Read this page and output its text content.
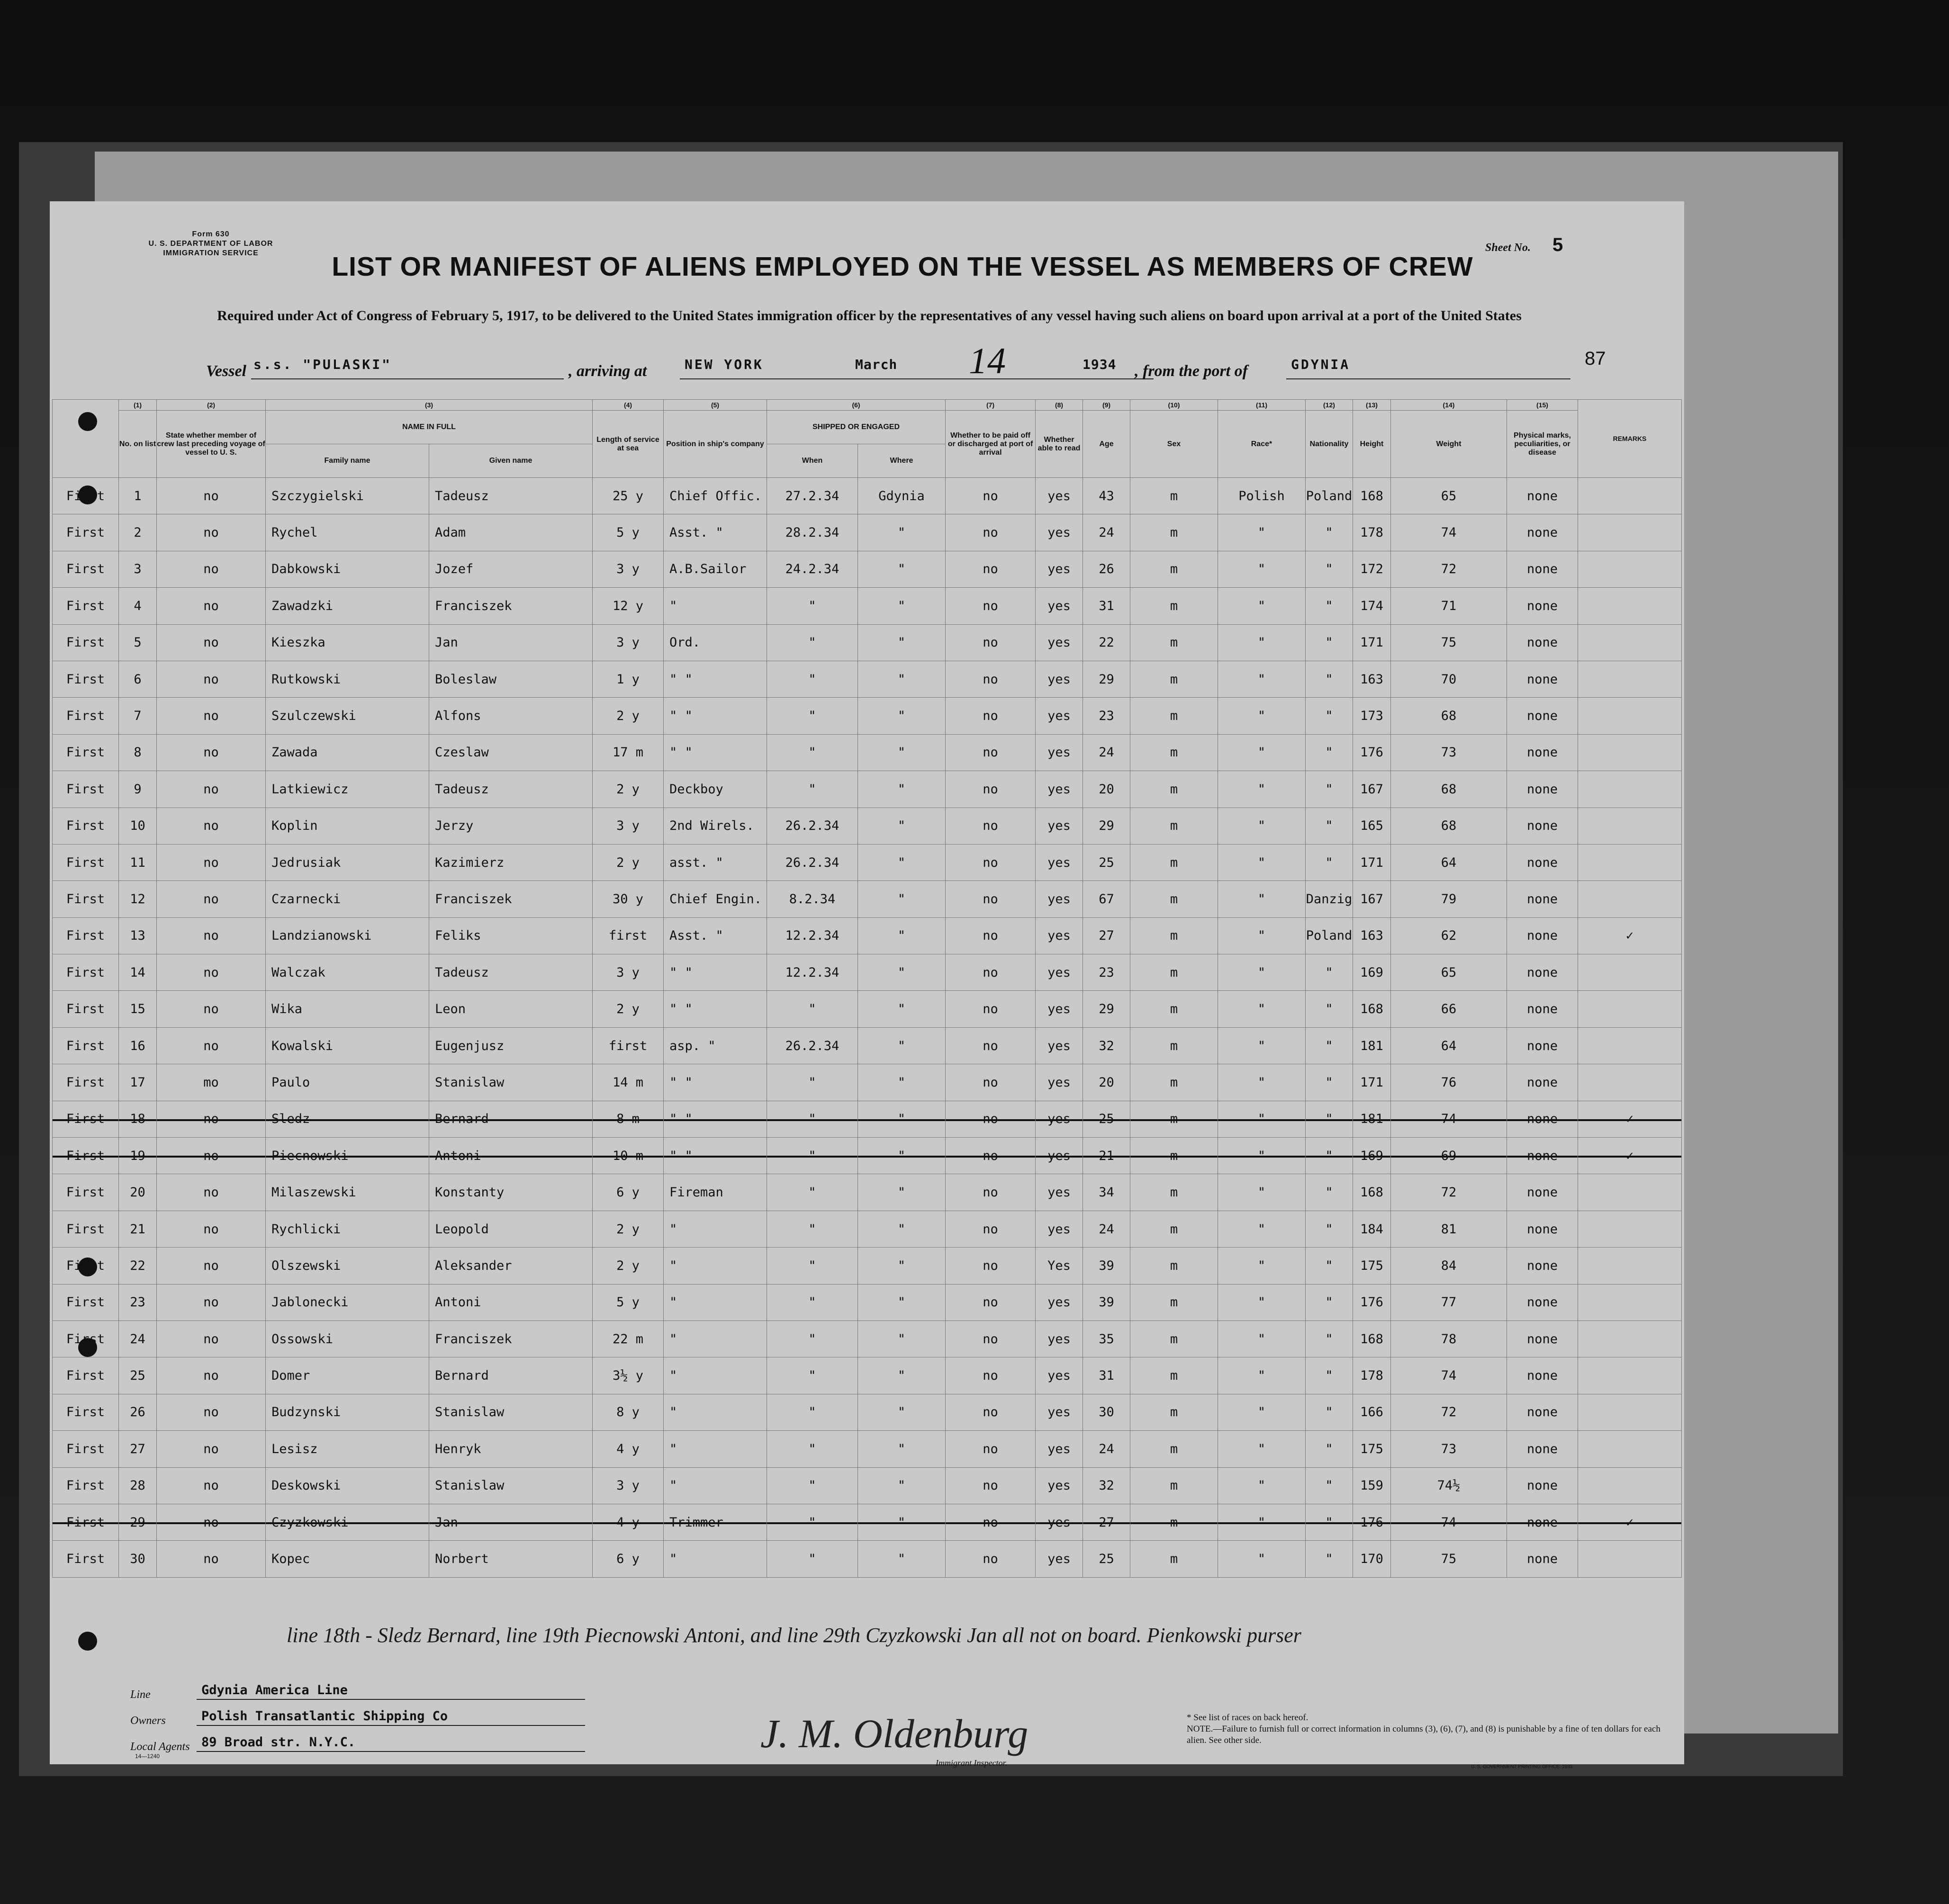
Form 630
U. S. DEPARTMENT OF LABOR
IMMIGRATION SERVICE	Sheet No. 5
LIST OR MANIFEST OF ALIENS EMPLOYED ON THE VESSEL AS MEMBERS OF CREW
Required under Act of Congress of February 5, 1917, to be delivered to the United States immigration officer by the representatives of any vessel having such aliens on board upon arrival at a port of the United States
87
Vessel s.s. "PULASKI"	, arriving at	NEW YORK	March 14	1934 , from the port of	GDYNIA
	(1)	(2)	(3)		(4)	(5)	(6)		(7)	(8)	(9)	(10)	(11)	(12)	(13)	(14)	(15)	REMARKS
	No. on list	State whether member of crew last preceding voyage of vessel to U. S.	NAME IN FULL		Length of service at sea	Position in ship's company	SHIPPED OR ENGAGED		Whether to be paid off or discharged at port of arrival	Whether able to read	Age	Sex	Race*	Nationality	Height	Weight	Physical marks, peculiarities, or disease	
			Family name	Given name			When	Where										
First	1	no	Szczygielski	Tadeusz	25 y	Chief Offic.	27.2.34	Gdynia	no	yes	43	m	Polish	Poland	168	65	none	
First	2	no	Rychel	Adam	5 y	Asst. "	28.2.34	"	no	yes	24	m	"	"	178	74	none	
First	3	no	Dabkowski	Jozef	3 y	A.B.Sailor	24.2.34	"	no	yes	26	m	"	"	172	72	none	
First	4	no	Zawadzki	Franciszek	12 y	"	"	"	no	yes	31	m	"	"	174	71	none	
First	5	no	Kieszka	Jan	3 y	Ord.	"	"	no	yes	22	m	"	"	171	75	none	
First	6	no	Rutkowski	Boleslaw	1 y	" "	"	"	no	yes	29	m	"	"	163	70	none	
First	7	no	Szulczewski	Alfons	2 y	" "	"	"	no	yes	23	m	"	"	173	68	none	
First	8	no	Zawada	Czeslaw	17 m	" "	"	"	no	yes	24	m	"	"	176	73	none	
First	9	no	Latkiewicz	Tadeusz	2 y	Deckboy	"	"	no	yes	20	m	"	"	167	68	none	
First	10	no	Koplin	Jerzy	3 y	2nd Wirels.	26.2.34	"	no	yes	29	m	"	"	165	68	none	
First	11	no	Jedrusiak	Kazimierz	2 y	asst. "	26.2.34	"	no	yes	25	m	"	"	171	64	none	
First	12	no	Czarnecki	Franciszek	30 y	Chief Engin.	8.2.34	"	no	yes	67	m	"	Danzig	167	79	none	
First	13	no	Landzianowski	Feliks	first	Asst. "	12.2.34	"	no	yes	27	m	"	Poland	163	62	none	✓
First	14	no	Walczak	Tadeusz	3 y	" "	12.2.34	"	no	yes	23	m	"	"	169	65	none	
First	15	no	Wika	Leon	2 y	" "	"	"	no	yes	29	m	"	"	168	66	none	
First	16	no	Kowalski	Eugenjusz	first	asp. "	26.2.34	"	no	yes	32	m	"	"	181	64	none	
First	17	mo	Paulo	Stanislaw	14 m	" "	"	"	no	yes	20	m	"	"	171	76	none	
First	18	no	Sledz	Bernard	8 m	" "	"	"	no	yes	25	m	"	"	181	74	none	✓
First	19	no	Piecnowski	Antoni	10 m	" "	"	"	no	yes	21	m	"	"	169	69	none	✓
First	20	no	Milaszewski	Konstanty	6 y	Fireman	"	"	no	yes	34	m	"	"	168	72	none	
First	21	no	Rychlicki	Leopold	2 y	"	"	"	no	yes	24	m	"	"	184	81	none	
First	22	no	Olszewski	Aleksander	2 y	"	"	"	no	Yes	39	m	"	"	175	84	none	
First	23	no	Jablonecki	Antoni	5 y	"	"	"	no	yes	39	m	"	"	176	77	none	
First	24	no	Ossowski	Franciszek	22 m	"	"	"	no	yes	35	m	"	"	168	78	none	
First	25	no	Domer	Bernard	3½ y	"	"	"	no	yes	31	m	"	"	178	74	none	
First	26	no	Budzynski	Stanislaw	8 y	"	"	"	no	yes	30	m	"	"	166	72	none	
First	27	no	Lesisz	Henryk	4 y	"	"	"	no	yes	24	m	"	"	175	73	none	
First	28	no	Deskowski	Stanislaw	3 y	"	"	"	no	yes	32	m	"	"	159	74½	none	
First	29	no	Czyzkowski	Jan	4 y	Trimmer	"	"	no	yes	27	m	"	"	176	74	none	✓
First	30	no	Kopec	Norbert	6 y	"	"	"	no	yes	25	m	"	"	170	75	none	
line 18th - Sledz Bernard, line 19th Piecnowski Antoni, and line 29th Czyzkowski Jan all not on board. Pienkowski purser
Line	Gdynia America Line
Owners	Polish Transatlantic Shipping Co
Local Agents 89 Broad str. N.Y.C.
14—1240	J. M. Oldenburg
Immigrant Inspector.
* See list of races on back hereof.
NOTE.—Failure to furnish full or correct information in columns (3), (6), (7), and (8) is punishable by a fine of ten dollars for each alien. See other side.
U. S. GOVERNMENT PRINTING OFFICE: 1933
